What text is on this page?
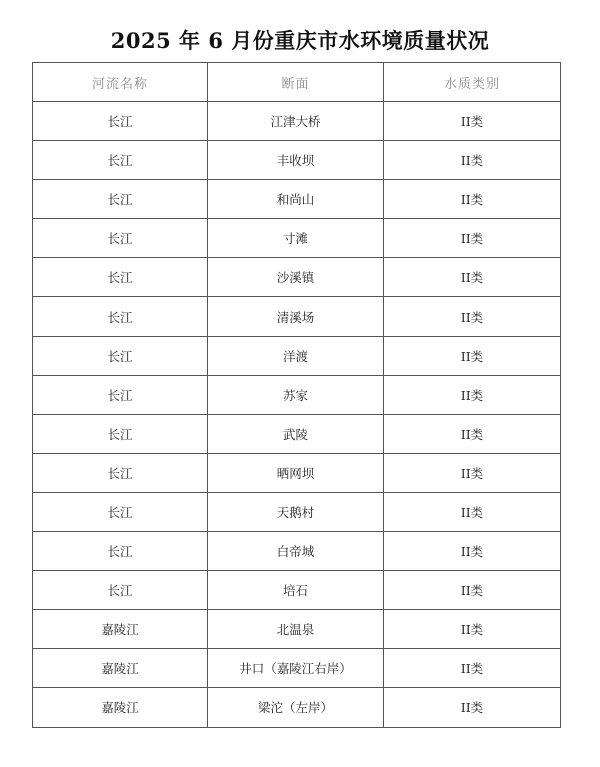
2025 年 6 月份重庆市水环境质量状况
河流名称	断面	水质类别
长江	江津大桥	II类
长江	丰收坝	II类
长江	和尚山	II类
长江	寸滩	II类
长江	沙溪镇	II类
长江	清溪场	II类
长江	洋渡	II类
长江	苏家	II类
长江	武陵	II类
长江	晒网坝	II类
长江	天鹅村	II类
长江	白帝城	II类
长江	培石	II类
嘉陵江	北温泉	II类
嘉陵江	井口（嘉陵江右岸）	II类
嘉陵江	梁沱（左岸）	II类
